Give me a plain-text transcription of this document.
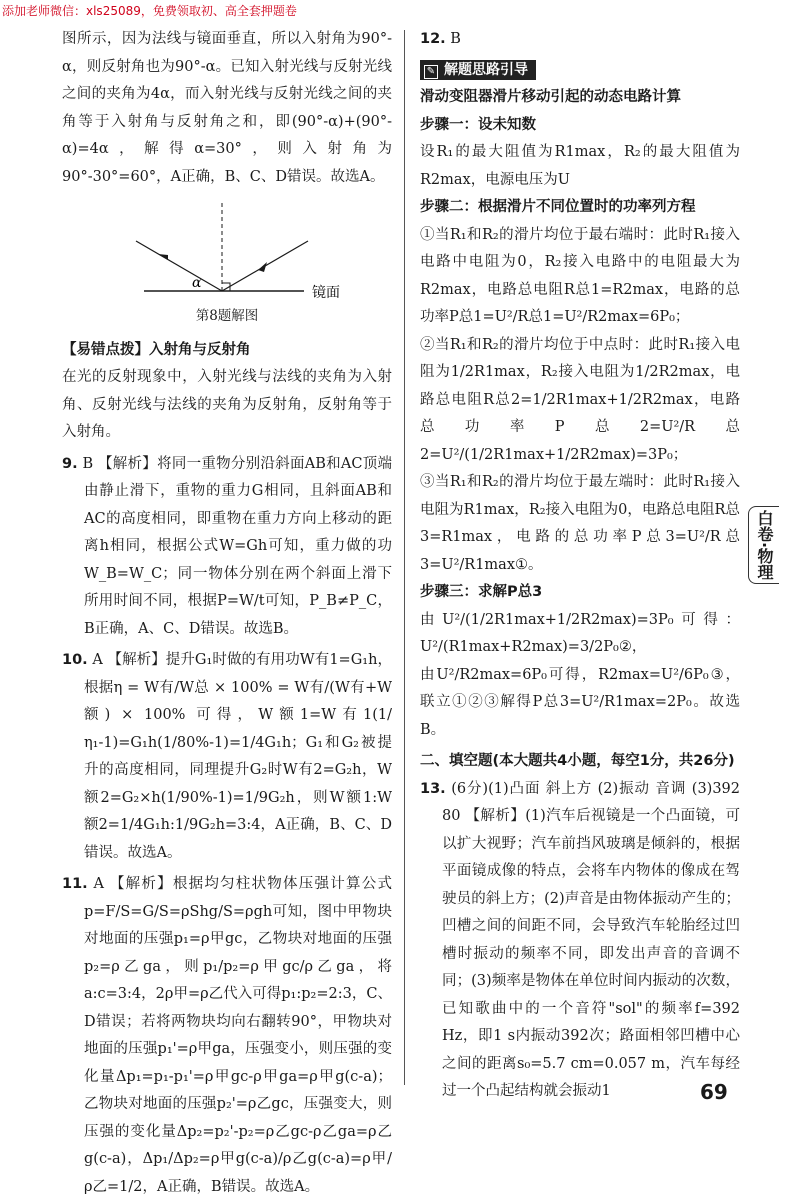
添加老师微信：xls25089，免费领取初、高全套押题卷

图所示，因为法线与镜面垂直，所以入射角为90°-α，则反射角也为90°-α。已知入射光线与反射光线之间的夹角为4α，而入射光线与反射光线之间的夹角等于入射角与反射角之和，即(90°-α)+(90°-α)=4α，解得α=30°，则入射角为90°-30°=60°，A正确，B、C、D错误。故选A。

α
镜面
第8题解图

【易错点拨】入射角与反射角

在光的反射现象中，入射光线与法线的夹角为入射角、反射光线与法线的夹角为反射角，反射角等于入射角。

9. B 【解析】将同一重物分别沿斜面AB和AC顶端由静止滑下，重物的重力G相同，且斜面AB和AC的高度相同，即重物在重力方向上移动的距离h相同，根据公式W=Gh可知，重力做的功W_B=W_C；同一物体分别在两个斜面上滑下所用时间不同，根据P=W/t可知，P_B≠P_C，B正确，A、C、D错误。故选B。

10. A 【解析】提升G₁时做的有用功W有1=G₁h，根据η = W有/W总 × 100% = W有/(W有+W额) × 100% 可得，W额1=W有1(1/η₁-1)=G₁h(1/80%-1)=1/4G₁h；G₁和G₂被提升的高度相同，同理提升G₂时W有2=G₂h，W额2=G₂×h(1/90%-1)=1/9G₂h，则W额1:W额2=1/4G₁h:1/9G₂h=3:4，A正确，B、C、D错误。故选A。

11. A 【解析】根据均匀柱状物体压强计算公式p=F/S=G/S=ρShg/S=ρgh可知，图中甲物块对地面的压强p₁=ρ甲gc，乙物块对地面的压强p₂=ρ乙ga，则p₁/p₂=ρ甲gc/ρ乙ga，将a:c=3:4，2ρ甲=ρ乙代入可得p₁:p₂=2:3，C、D错误；若将两物块均向右翻转90°，甲物块对地面的压强p₁'=ρ甲ga，压强变小，则压强的变化量Δp₁=p₁-p₁'=ρ甲gc-ρ甲ga=ρ甲g(c-a)；乙物块对地面的压强p₂'=ρ乙gc，压强变大，则压强的变化量Δp₂=p₂'-p₂=ρ乙gc-ρ乙ga=ρ乙g(c-a)，Δp₁/Δp₂=ρ甲g(c-a)/ρ乙g(c-a)=ρ甲/ρ乙=1/2，A正确，B错误。故选A。

12. B

✎ 解题思路引导

滑动变阻器滑片移动引起的动态电路计算

步骤一：设未知数

设R₁的最大阻值为R1max，R₂的最大阻值为R2max，电源电压为U

步骤二：根据滑片不同位置时的功率列方程

①当R₁和R₂的滑片均位于最右端时：此时R₁接入电路中电阻为0，R₂接入电路中的电阻最大为R2max，电路总电阻R总1=R2max，电路的总功率P总1=U²/R总1=U²/R2max=6P₀；

②当R₁和R₂的滑片均位于中点时：此时R₁接入电阻为1/2R1max，R₂接入电阻为1/2R2max，电路总电阻R总2=1/2R1max+1/2R2max，电路总功率P总2=U²/R总2=U²/(1/2R1max+1/2R2max)=3P₀；

③当R₁和R₂的滑片均位于最左端时：此时R₁接入电阻为R1max，R₂接入电阻为0，电路总电阻R总3=R1max，电路的总功率P总3=U²/R总3=U²/R1max①。

步骤三：求解P总3

由U²/(1/2R1max+1/2R2max)=3P₀可得：U²/(R1max+R2max)=3/2P₀②，

由U²/R2max=6P₀可得，R2max=U²/6P₀③，联立①②③解得P总3=U²/R1max=2P₀。故选B。

二、填空题(本大题共4小题，每空1分，共26分)

13. (6分)(1)凸面 斜上方 (2)振动 音调 (3)392 80 【解析】(1)汽车后视镜是一个凸面镜，可以扩大视野；汽车前挡风玻璃是倾斜的，根据平面镜成像的特点，会将车内物体的像成在驾驶员的斜上方；(2)声音是由物体振动产生的；凹槽之间的间距不同，会导致汽车轮胎经过凹槽时振动的频率不同，即发出声音的音调不同；(3)频率是物体在单位时间内振动的次数，已知歌曲中的一个音符"sol"的频率f=392 Hz，即1 s内振动392次；路面相邻凹槽中心之间的距离s₀=5.7 cm=0.057 m，汽车每经过一个凸起结构就会振动1

白卷·物理
69
